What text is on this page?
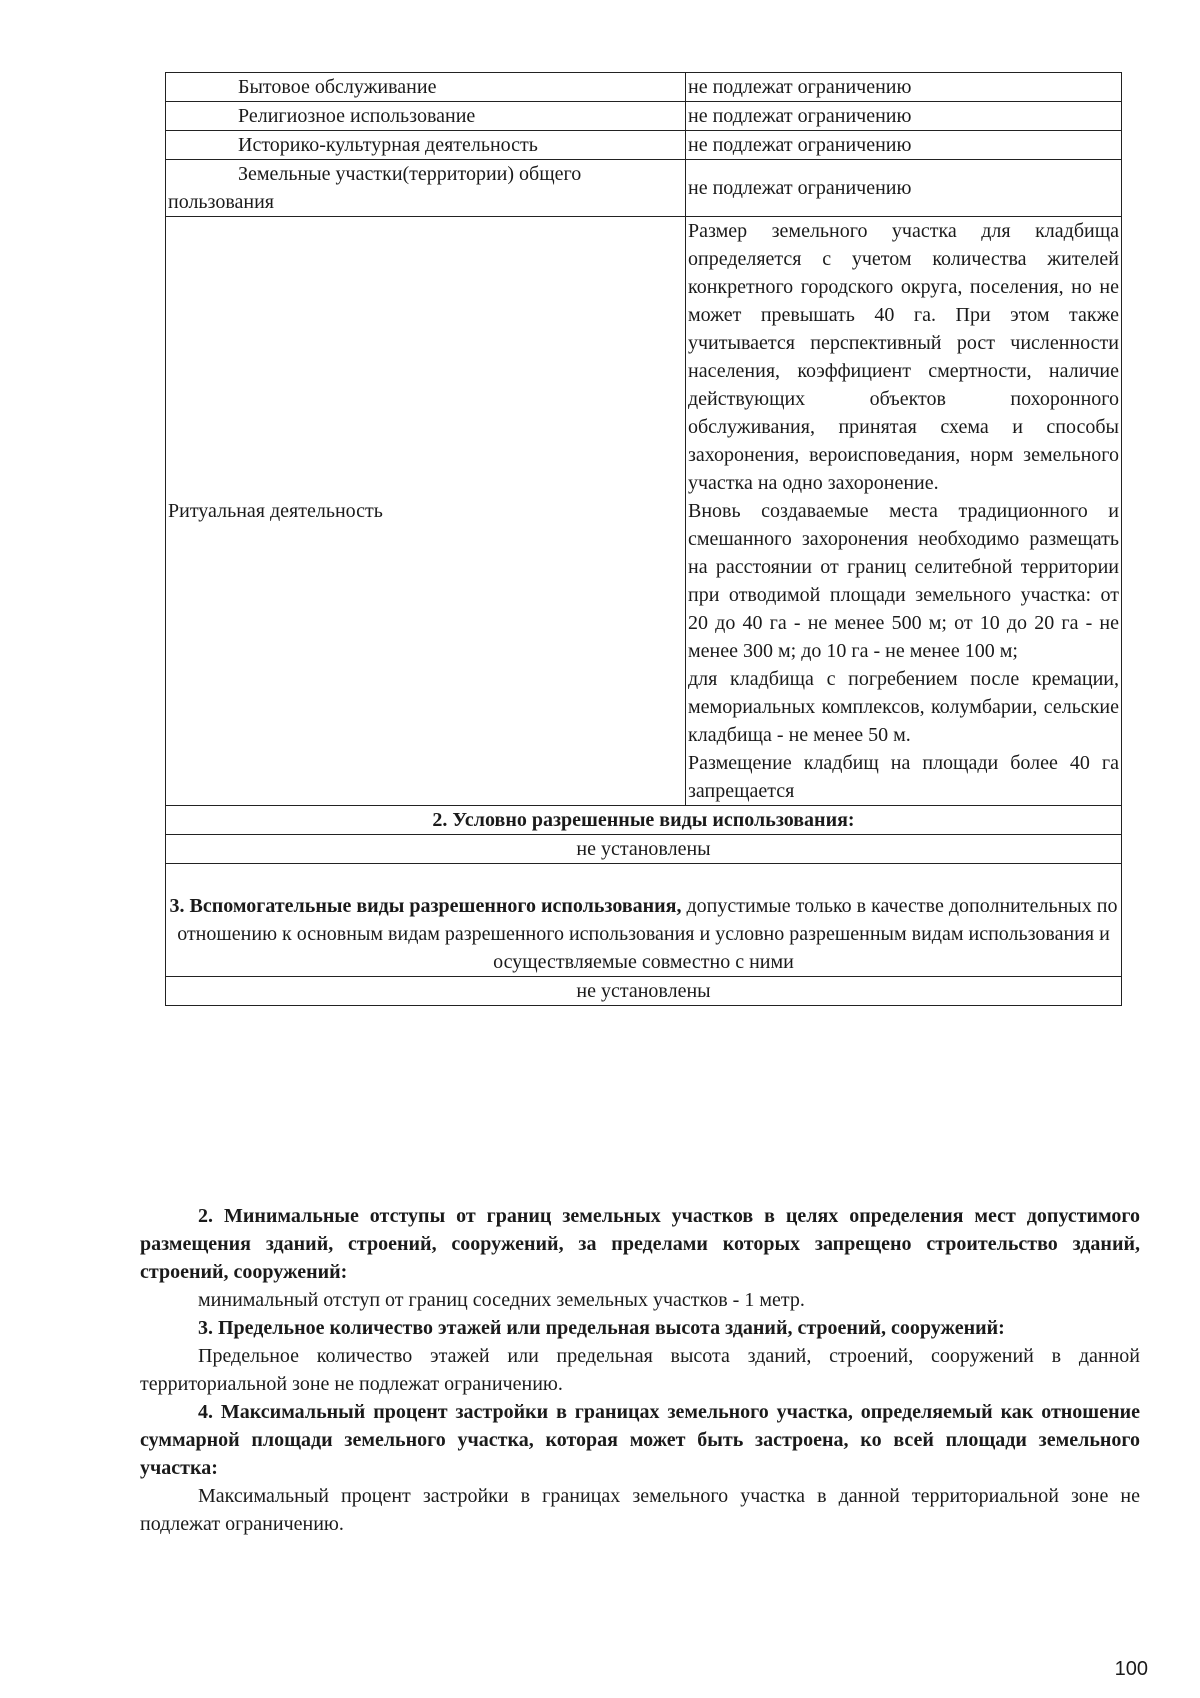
Бытовое обслуживание	не подлежат ограничению
Религиозное использование	не подлежат ограничению
Историко-культурная деятельность	не подлежат ограничению
Земельные участки(территории) общего пользования	не подлежат ограничению
Ритуальная деятельность	Размер земельного участка для кладбища определяется с учетом количества жителей конкретного городского округа, поселения, но не может превышать 40 га. При этом также учитывается перспективный рост численности населения, коэффициент смертности, наличие действующих объектов похоронного обслуживания, принятая схема и способы захоронения, вероисповедания, норм земельного участка на одно захоронение.

Вновь создаваемые места традиционного и смешанного захоронения необходимо размещать на расстоянии от границ селитебной территории при отводимой площади земельного участка: от 20 до 40 га - не менее 500 м; от 10 до 20 га - не менее 300 м; до 10 га - не менее 100 м;

для кладбища с погребением после кремации, мемориальных комплексов, колумбарии, сельские кладбища - не менее 50 м.

Размещение кладбищ на площади более 40 га запрещается

2. Условно разрешенные виды использования:	
не установлены	
3. Вспомогательные виды разрешенного использования, допустимые только в качестве дополнительных по отношению к основным видам разрешенного использования и условно разрешенным видам использования и осуществляемые совместно с ними	
не установлены	

2. Минимальные отступы от границ земельных участков в целях определения мест допустимого размещения зданий, строений, сооружений, за пределами которых запрещено строительство зданий, строений, сооружений:

минимальный отступ от границ соседних земельных участков - 1 метр.

3. Предельное количество этажей или предельная высота зданий, строений, сооружений:

Предельное количество этажей или предельная высота зданий, строений, сооружений в данной территориальной зоне не подлежат ограничению.

4. Максимальный процент застройки в границах земельного участка, определяемый как отношение суммарной площади земельного участка, которая может быть застроена, ко всей площади земельного участка:

Максимальный процент застройки в границах земельного участка в данной территориальной зоне не подлежат ограничению.

100
